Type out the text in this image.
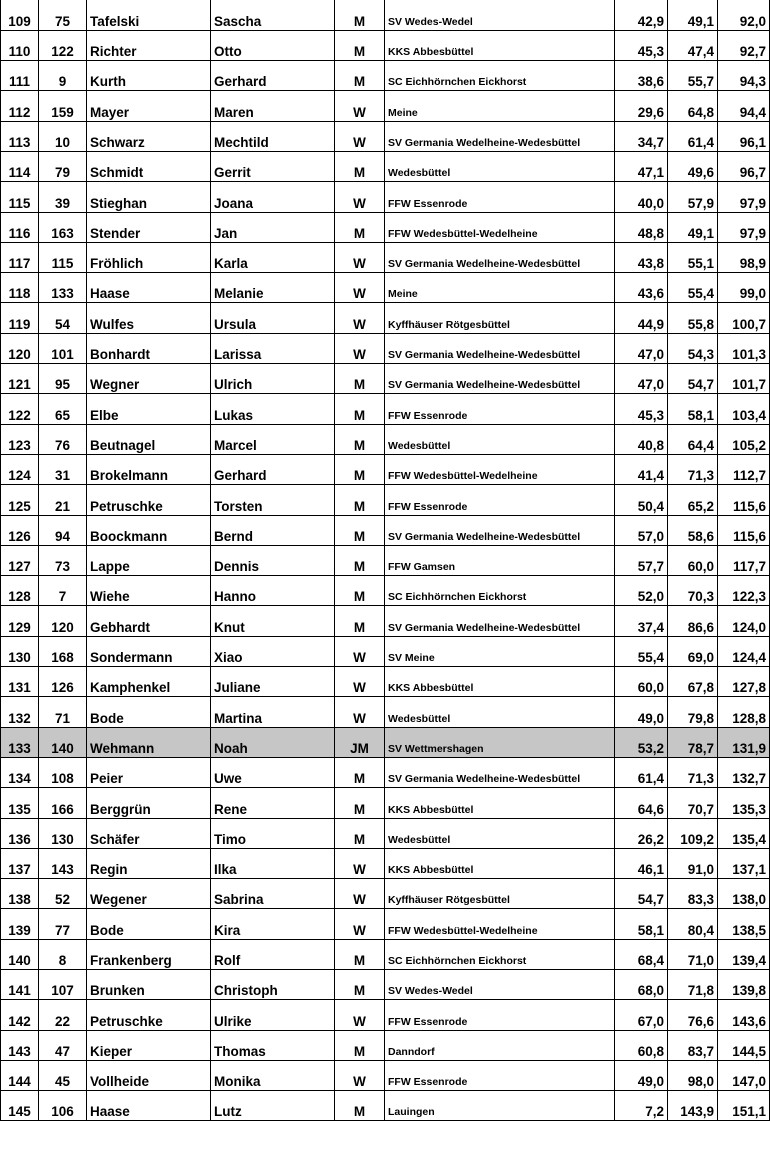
109	75	Tafelski	Sascha	M	SV Wedes-Wedel	42,9	49,1	92,0
110	122	Richter	Otto	M	KKS Abbesbüttel	45,3	47,4	92,7
111	9	Kurth	Gerhard	M	SC Eichhörnchen Eickhorst	38,6	55,7	94,3
112	159	Mayer	Maren	W	Meine	29,6	64,8	94,4
113	10	Schwarz	Mechtild	W	SV Germania Wedelheine-Wedesbüttel	34,7	61,4	96,1
114	79	Schmidt	Gerrit	M	Wedesbüttel	47,1	49,6	96,7
115	39	Stieghan	Joana	W	FFW Essenrode	40,0	57,9	97,9
116	163	Stender	Jan	M	FFW Wedesbüttel-Wedelheine	48,8	49,1	97,9
117	115	Fröhlich	Karla	W	SV Germania Wedelheine-Wedesbüttel	43,8	55,1	98,9
118	133	Haase	Melanie	W	Meine	43,6	55,4	99,0
119	54	Wulfes	Ursula	W	Kyffhäuser Rötgesbüttel	44,9	55,8	100,7
120	101	Bonhardt	Larissa	W	SV Germania Wedelheine-Wedesbüttel	47,0	54,3	101,3
121	95	Wegner	Ulrich	M	SV Germania Wedelheine-Wedesbüttel	47,0	54,7	101,7
122	65	Elbe	Lukas	M	FFW Essenrode	45,3	58,1	103,4
123	76	Beutnagel	Marcel	M	Wedesbüttel	40,8	64,4	105,2
124	31	Brokelmann	Gerhard	M	FFW Wedesbüttel-Wedelheine	41,4	71,3	112,7
125	21	Petruschke	Torsten	M	FFW Essenrode	50,4	65,2	115,6
126	94	Boockmann	Bernd	M	SV Germania Wedelheine-Wedesbüttel	57,0	58,6	115,6
127	73	Lappe	Dennis	M	FFW Gamsen	57,7	60,0	117,7
128	7	Wiehe	Hanno	M	SC Eichhörnchen Eickhorst	52,0	70,3	122,3
129	120	Gebhardt	Knut	M	SV Germania Wedelheine-Wedesbüttel	37,4	86,6	124,0
130	168	Sondermann	Xiao	W	SV Meine	55,4	69,0	124,4
131	126	Kamphenkel	Juliane	W	KKS Abbesbüttel	60,0	67,8	127,8
132	71	Bode	Martina	W	Wedesbüttel	49,0	79,8	128,8
133	140	Wehmann	Noah	JM	SV Wettmershagen	53,2	78,7	131,9
134	108	Peier	Uwe	M	SV Germania Wedelheine-Wedesbüttel	61,4	71,3	132,7
135	166	Berggrün	Rene	M	KKS Abbesbüttel	64,6	70,7	135,3
136	130	Schäfer	Timo	M	Wedesbüttel	26,2	109,2	135,4
137	143	Regin	Ilka	W	KKS Abbesbüttel	46,1	91,0	137,1
138	52	Wegener	Sabrina	W	Kyffhäuser Rötgesbüttel	54,7	83,3	138,0
139	77	Bode	Kira	W	FFW Wedesbüttel-Wedelheine	58,1	80,4	138,5
140	8	Frankenberg	Rolf	M	SC Eichhörnchen Eickhorst	68,4	71,0	139,4
141	107	Brunken	Christoph	M	SV Wedes-Wedel	68,0	71,8	139,8
142	22	Petruschke	Ulrike	W	FFW Essenrode	67,0	76,6	143,6
143	47	Kieper	Thomas	M	Danndorf	60,8	83,7	144,5
144	45	Vollheide	Monika	W	FFW Essenrode	49,0	98,0	147,0
145	106	Haase	Lutz	M	Lauingen	7,2	143,9	151,1
